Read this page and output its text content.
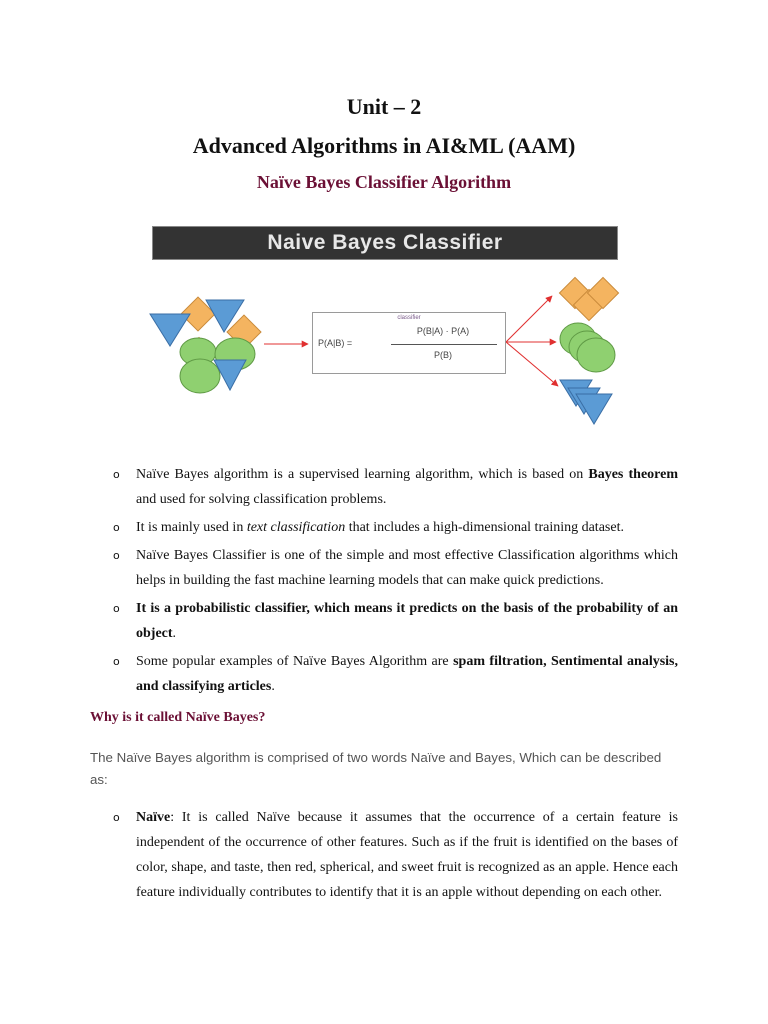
Unit – 2
Advanced Algorithms in AI&ML (AAM)
Naïve Bayes Classifier Algorithm
Naive Bayes Classifier
classifier
P(A|B) =
P(B|A) · P(A)
P(B)
o Naïve Bayes algorithm is a supervised learning algorithm, which is based on Bayes theorem and used for solving classification problems.
o It is mainly used in text classification that includes a high-dimensional training dataset.
o Naïve Bayes Classifier is one of the simple and most effective Classification algorithms which helps in building the fast machine learning models that can make quick predictions.
o It is a probabilistic classifier, which means it predicts on the basis of the probability of an object.
o Some popular examples of Naïve Bayes Algorithm are spam filtration, Sentimental analysis, and classifying articles.
Why is it called Naïve Bayes?
The Naïve Bayes algorithm is comprised of two words Naïve and Bayes, Which can be described as:
o Naïve: It is called Naïve because it assumes that the occurrence of a certain feature is independent of the occurrence of other features. Such as if the fruit is identified on the bases of color, shape, and taste, then red, spherical, and sweet fruit is recognized as an apple. Hence each feature individually contributes to identify that it is an apple without depending on each other.
